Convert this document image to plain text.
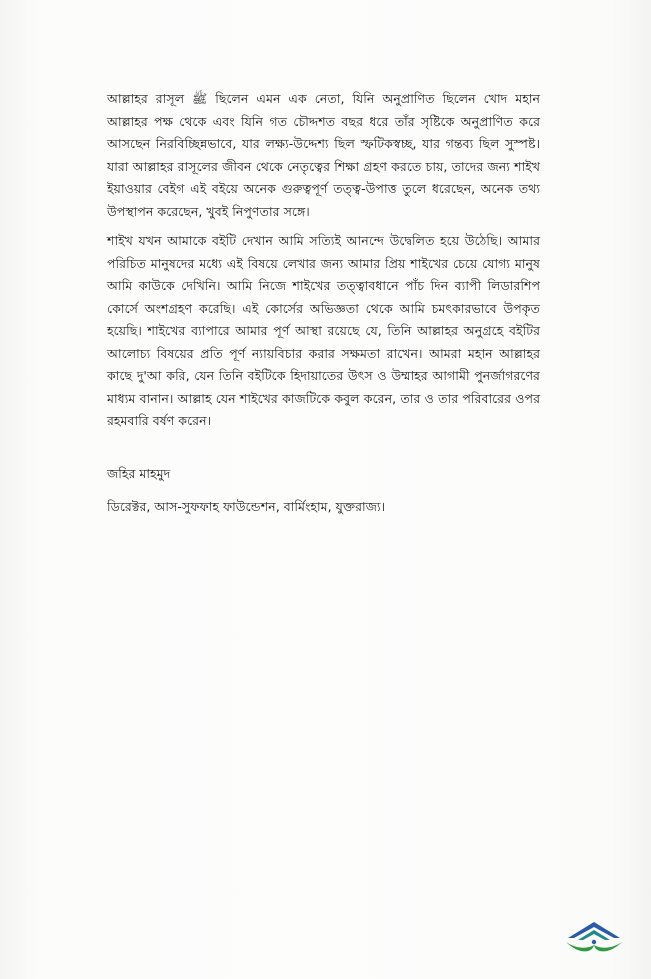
আল্লাহর রাসূল ﷺ ছিলেন এমন এক নেতা, যিনি অনুপ্রাণিত ছিলেন খোদ মহান আল্লাহর পক্ষ থেকে এবং যিনি গত চৌদ্দশত বছর ধরে তাঁর সৃষ্টিকে অনুপ্রাণিত করে আসছেন নিরবিচ্ছিন্নভাবে, যার লক্ষ্য-উদ্দেশ্য ছিল স্ফটিকস্বচ্ছ, যার গন্তব্য ছিল সুস্পষ্ট। যারা আল্লাহর রাসূলের জীবন থেকে নেতৃত্বের শিক্ষা গ্রহণ করতে চায়, তাদের জন্য শাইখ ইয়াওয়ার বেইগ এই বইয়ে অনেক গুরুত্বপূর্ণ তত্ত্ব-উপাত্ত তুলে ধরেছেন, অনেক তথ্য উপস্থাপন করেছেন, খুবই নিপুণতার সঙ্গে।

শাইখ যখন আমাকে বইটি দেখান আমি সত্যিই আনন্দে উদ্বেলিত হয়ে উঠেছি। আমার পরিচিত মানুষদের মধ্যে এই বিষয়ে লেখার জন্য আমার প্রিয় শাইখের চেয়ে যোগ্য মানুষ আমি কাউকে দেখিনি। আমি নিজে শাইখের তত্ত্বাবধানে পাঁচ দিন ব্যাপী লিডারশিপ কোর্সে অংশগ্রহণ করেছি। এই কোর্সের অভিজ্ঞতা থেকে আমি চমৎকারভাবে উপকৃত হয়েছি। শাইখের ব্যাপারে আমার পূর্ণ আস্থা রয়েছে যে, তিনি আল্লাহর অনুগ্রহে বইটির আলোচ্য বিষয়ের প্রতি পূর্ণ ন্যায়বিচার করার সক্ষমতা রাখেন। আমরা মহান আল্লাহর কাছে দু'আ করি, যেন তিনি বইটিকে হিদায়াতের উৎস ও উম্মাহর আগামী পুনর্জাগরণের মাধ্যম বানান। আল্লাহ যেন শাইখের কাজটিকে কবুল করেন, তার ও তার পরিবারের ওপর রহমবারি বর্ষণ করেন।

জহির মাহমুদ
ডিরেক্টর, আস-সুফফাহ ফাউন্ডেশন, বার্মিংহাম, যুক্তরাজ্য।
